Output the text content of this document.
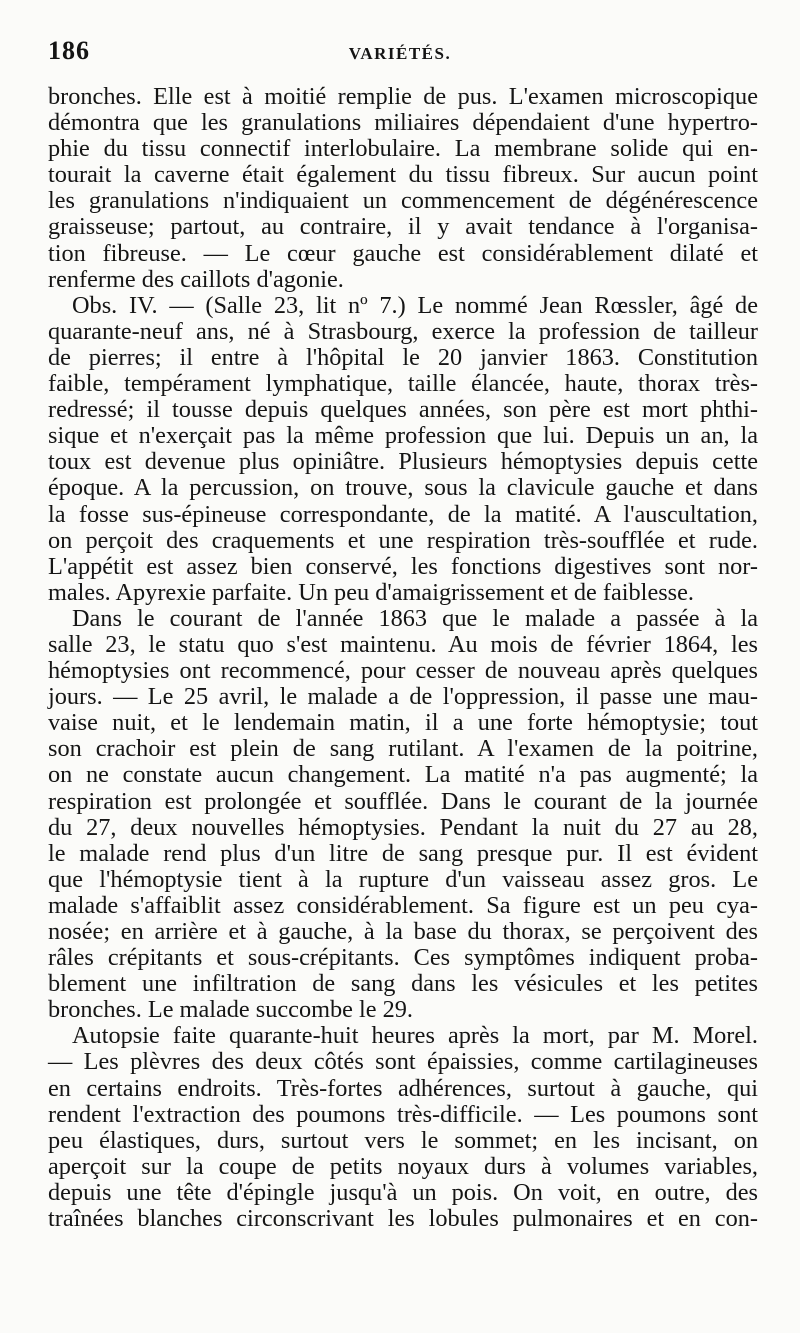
186	VARIÉTÉS.
bronches. Elle est à moitié remplie de pus. L'examen microscopique
démontra que les granulations miliaires dépendaient d'une hypertro-
phie du tissu connectif interlobulaire. La membrane solide qui en-
tourait la caverne était également du tissu fibreux. Sur aucun point
les granulations n'indiquaient un commencement de dégénérescence
graisseuse; partout, au contraire, il y avait tendance à l'organisa-
tion fibreuse. — Le cœur gauche est considérablement dilaté et
renferme des caillots d'agonie.
Obs. IV. — (Salle 23, lit nº 7.) Le nommé Jean Rœssler, âgé de
quarante-neuf ans, né à Strasbourg, exerce la profession de tailleur
de pierres; il entre à l'hôpital le 20 janvier 1863. Constitution
faible, tempérament lymphatique, taille élancée, haute, thorax très-
redressé; il tousse depuis quelques années, son père est mort phthi-
sique et n'exerçait pas la même profession que lui. Depuis un an, la
toux est devenue plus opiniâtre. Plusieurs hémoptysies depuis cette
époque. A la percussion, on trouve, sous la clavicule gauche et dans
la fosse sus-épineuse correspondante, de la matité. A l'auscultation,
on perçoit des craquements et une respiration très-soufflée et rude.
L'appétit est assez bien conservé, les fonctions digestives sont nor-
males. Apyrexie parfaite. Un peu d'amaigrissement et de faiblesse.
Dans le courant de l'année 1863 que le malade a passée à la
salle 23, le statu quo s'est maintenu. Au mois de février 1864, les
hémoptysies ont recommencé, pour cesser de nouveau après quelques
jours. — Le 25 avril, le malade a de l'oppression, il passe une mau-
vaise nuit, et le lendemain matin, il a une forte hémoptysie; tout
son crachoir est plein de sang rutilant. A l'examen de la poitrine,
on ne constate aucun changement. La matité n'a pas augmenté; la
respiration est prolongée et soufflée. Dans le courant de la journée
du 27, deux nouvelles hémoptysies. Pendant la nuit du 27 au 28,
le malade rend plus d'un litre de sang presque pur. Il est évident
que l'hémoptysie tient à la rupture d'un vaisseau assez gros. Le
malade s'affaiblit assez considérablement. Sa figure est un peu cya-
nosée; en arrière et à gauche, à la base du thorax, se perçoivent des
râles crépitants et sous-crépitants. Ces symptômes indiquent proba-
blement une infiltration de sang dans les vésicules et les petites
bronches. Le malade succombe le 29.
Autopsie faite quarante-huit heures après la mort, par M. Morel.
— Les plèvres des deux côtés sont épaissies, comme cartilagineuses
en certains endroits. Très-fortes adhérences, surtout à gauche, qui
rendent l'extraction des poumons très-difficile. — Les poumons sont
peu élastiques, durs, surtout vers le sommet; en les incisant, on
aperçoit sur la coupe de petits noyaux durs à volumes variables,
depuis une tête d'épingle jusqu'à un pois. On voit, en outre, des
traînées blanches circonscrivant les lobules pulmonaires et en con-
